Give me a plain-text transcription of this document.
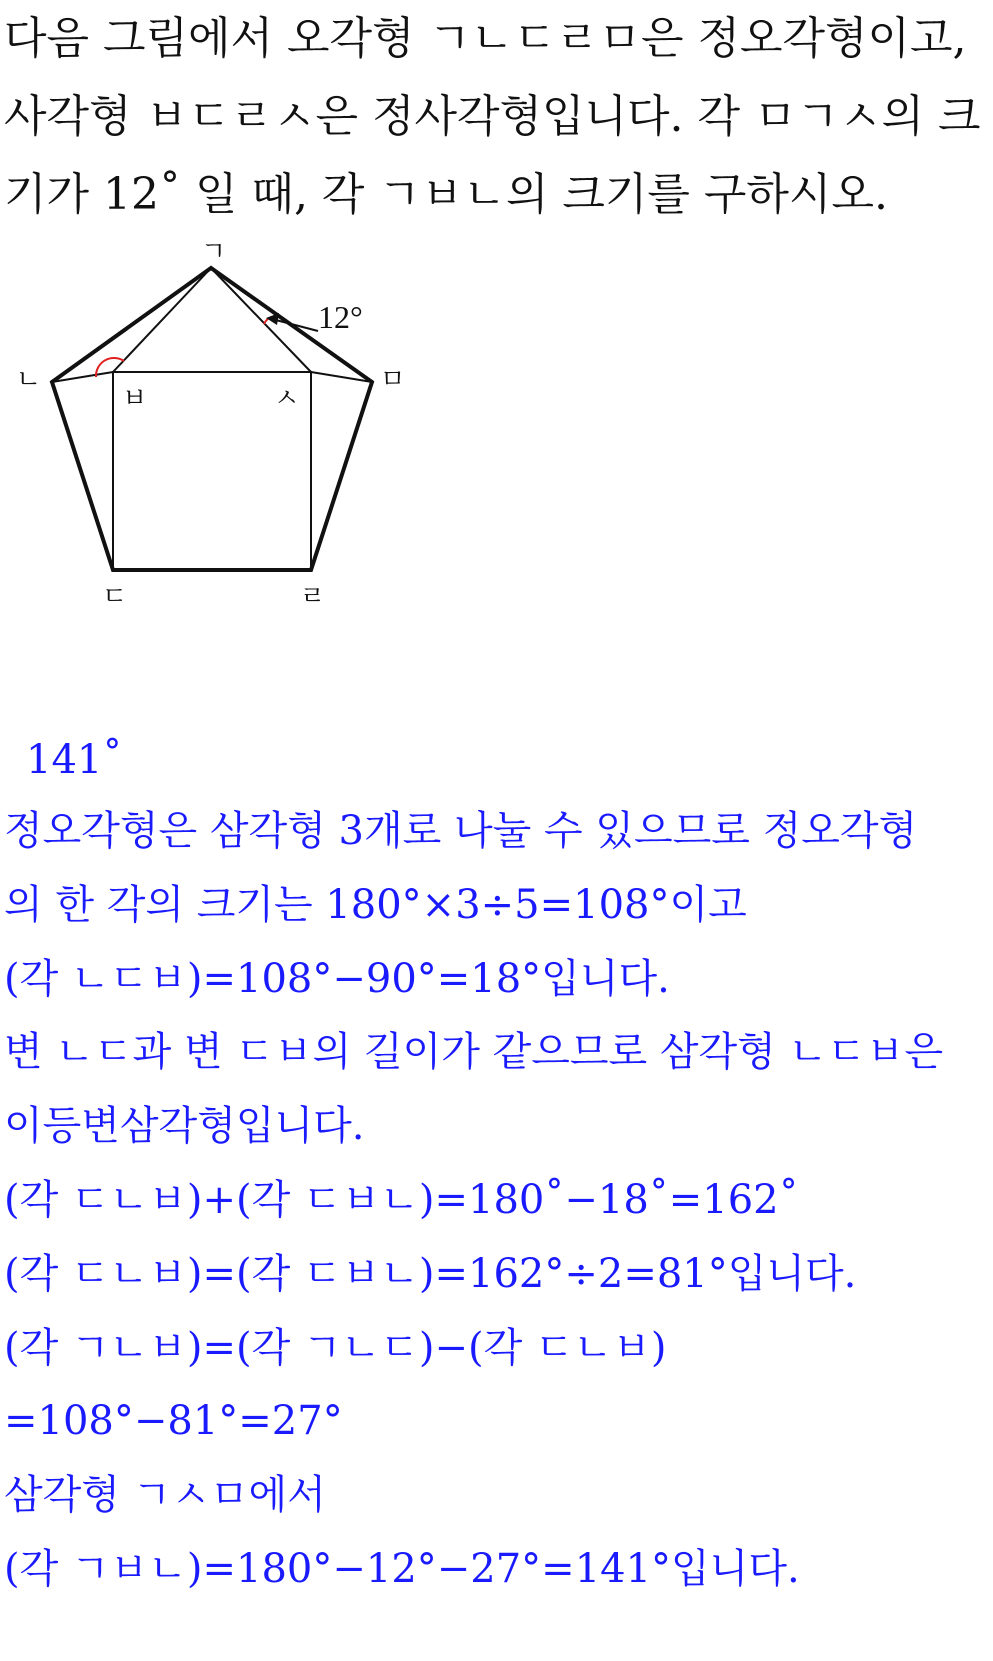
다음 그림에서 오각형 ㄱㄴㄷㄹㅁ은 정오각형이고,
사각형 ㅂㄷㄹㅅ은 정사각형입니다. 각 ㅁㄱㅅ의 크
기가 12˚ 일 때, 각 ㄱㅂㄴ의 크기를 구하시오.
12°
ㄱ
ㄴ	ㅁ
ㅂ	ㅅ
ㄷ	ㄹ
141˚
정오각형은 삼각형 3개로 나눌 수 있으므로 정오각형
의 한 각의 크기는 180°×3÷5=108°이고
(각 ㄴㄷㅂ)=108°−90°=18°입니다.
변 ㄴㄷ과 변 ㄷㅂ의 길이가 같으므로 삼각형 ㄴㄷㅂ은
이등변삼각형입니다.
(각 ㄷㄴㅂ)+(각 ㄷㅂㄴ)=180˚−18˚=162˚
(각 ㄷㄴㅂ)=(각 ㄷㅂㄴ)=162°÷2=81°입니다.
(각 ㄱㄴㅂ)=(각 ㄱㄴㄷ)−(각 ㄷㄴㅂ)
=108°−81°=27°
삼각형 ㄱㅅㅁ에서
(각 ㄱㅂㄴ)=180°−12°−27°=141°입니다.
